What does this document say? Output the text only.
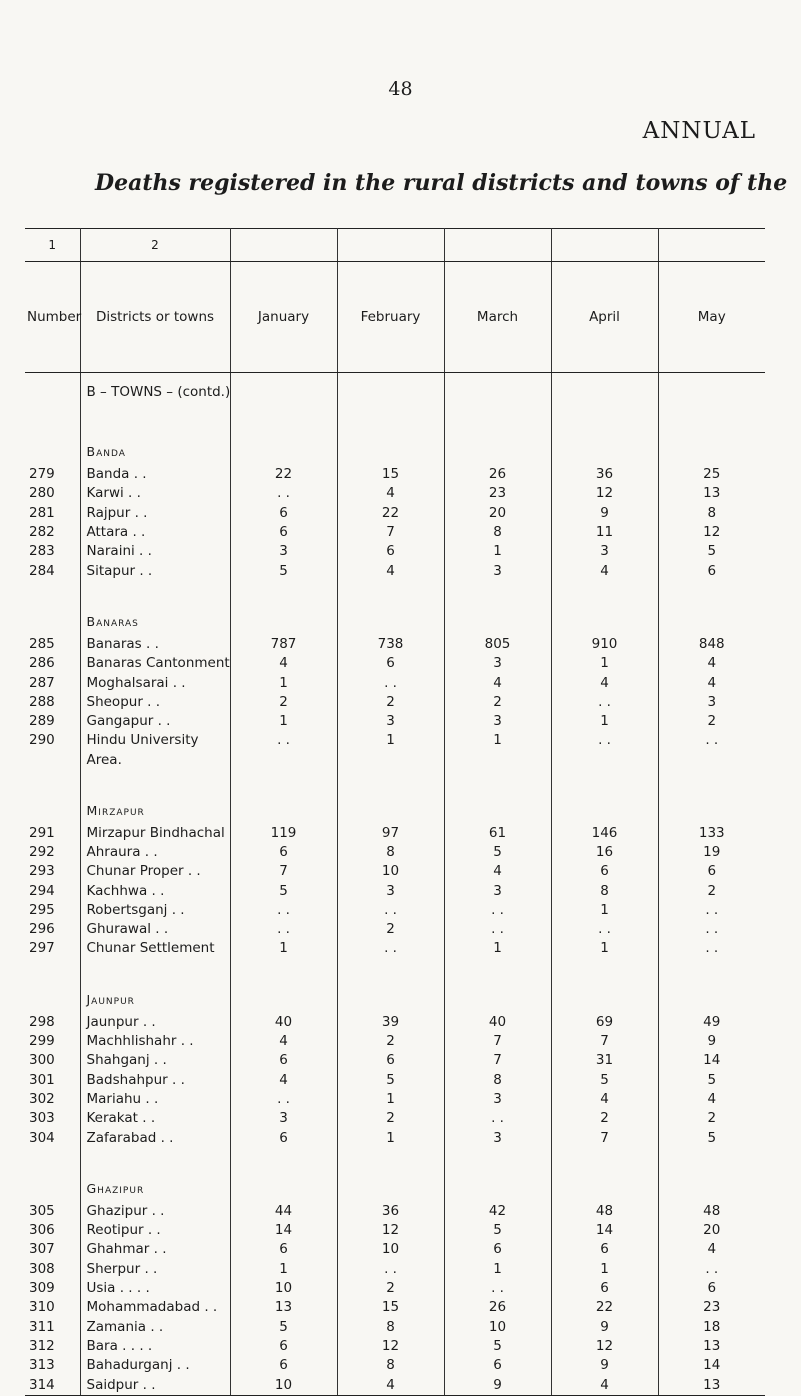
48
ANNUAL
Deaths registered in the rural districts and towns of the
1	2					
Number	Districts or towns	January	February	March	April	May
	B – TOWNS – (contd.)					
	Banda					
279	Banda . .	22	15	26	36	25
280	Karwi . .	. .	4	23	12	13
281	Rajpur . .	6	22	20	9	8
282	Attara . .	6	7	8	11	12
283	Naraini . .	3	6	1	3	5
284	Sitapur . .	5	4	3	4	6
	Banaras					
285	Banaras . .	787	738	805	910	848
286	Banaras Cantonment	4	6	3	1	4
287	Moghalsarai . .	1	. .	4	4	4
288	Sheopur . .	2	2	2	. .	3
289	Gangapur . .	1	3	3	1	2
290	Hindu University	. .	1	1	. .	. .
	Area.					
	Mirzapur					
291	Mirzapur Bindhachal	119	97	61	146	133
292	Ahraura . .	6	8	5	16	19
293	Chunar Proper . .	7	10	4	6	6
294	Kachhwa . .	5	3	3	8	2
295	Robertsganj . .	. .	. .	. .	1	. .
296	Ghurawal . .	. .	2	. .	. .	. .
297	Chunar Settlement	1	. .	1	1	. .
	Jaunpur					
298	Jaunpur . .	40	39	40	69	49
299	Machhlishahr . .	4	2	7	7	9
300	Shahganj . .	6	6	7	31	14
301	Badshahpur . .	4	5	8	5	5
302	Mariahu . .	. .	1	3	4	4
303	Kerakat . .	3	2	. .	2	2
304	Zafarabad . .	6	1	3	7	5
	Ghazipur					
305	Ghazipur . .	44	36	42	48	48
306	Reotipur . .	14	12	5	14	20
307	Ghahmar . .	6	10	6	6	4
308	Sherpur . .	1	. .	1	1	. .
309	Usia . . . .	10	2	. .	6	6
310	Mohammadabad . .	13	15	26	22	23
311	Zamania . .	5	8	10	9	18
312	Bara . . . .	6	12	5	12	13
313	Bahadurganj . .	6	8	6	9	14
314	Saidpur . .	10	4	9	4	13
